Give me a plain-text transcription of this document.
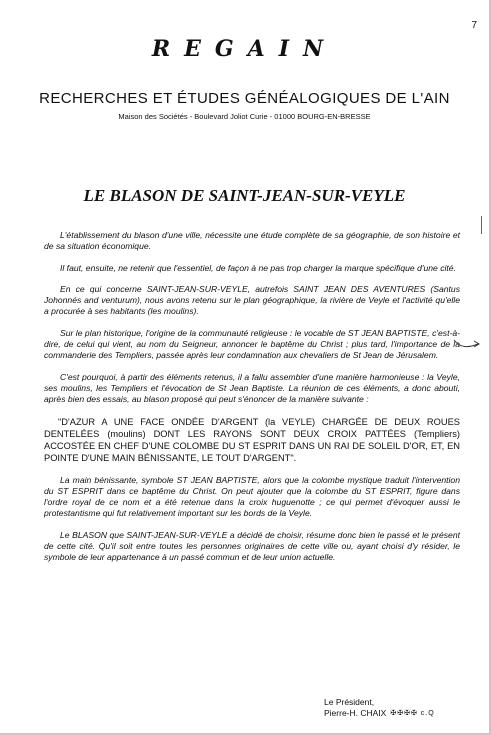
7
REGAIN
RECHERCHES ET ÉTUDES GÉNÉALOGIQUES DE L'AIN
Maison des Sociétés - Boulevard Joliot Curie - 01000 BOURG-EN-BRESSE
LE BLASON DE SAINT-JEAN-SUR-VEYLE

L'établissement du blason d'une ville, nécessite une étude complète de sa géographie, de son histoire et de sa situation économique.

Il faut, ensuite, ne retenir que l'essentiel, de façon à ne pas trop charger la marque spécifique d'une cité.

En ce qui concerne SAINT-JEAN-SUR-VEYLE, autrefois SAINT JEAN DES AVENTURES (Santus Johonnés and venturum), nous avons retenu sur le plan géographique, la rivière de Veyle et l'activité qu'elle a procurée à ses habitants (les moulins).

Sur le plan historique, l'origine de la communauté religieuse : le vocable de ST JEAN BAPTISTE, c'est-à-dire, de celui qui vient, au nom du Seigneur, annoncer le baptême du Christ ; plus tard, l'importance de la commanderie des Templiers, passée après leur condamnation aux chevaliers de St Jean de Jérusalem.

C'est pourquoi, à partir des éléments retenus, il a fallu assembler d'une manière harmonieuse : la Veyle, ses moulins, les Templiers et l'évocation de St Jean Baptiste. La réunion de ces éléments, a donc abouti, après bien des essais, au blason proposé qui peut s'énoncer de la manière suivante :

"D'AZUR A UNE FACE ONDÉE D'ARGENT (la VEYLE) CHARGÉE DE DEUX ROUES DENTELÉES (moulins) DONT LES RAYONS SONT DEUX CROIX PATTÉES (Templiers) ACCOSTÉE EN CHEF D'UNE COLOMBE DU ST ESPRIT DANS UN RAI DE SOLEIL D'OR, ET, EN POINTE D'UNE MAIN BÉNISSANTE, LE TOUT D'ARGENT".

La main bénissante, symbole ST JEAN BAPTISTE, alors que la colombe mystique traduit l'intervention du ST ESPRIT dans ce baptême du Christ. On peut ajouter que la colombe du ST ESPRIT, figure dans l'ordre royal de ce nom et a été retenue dans la croix huguenotte ; ce qui permet d'évoquer aussi le protestantisme qui fut relativement important sur les bords de la Veyle.

Le BLASON que SAINT-JEAN-SUR-VEYLE a décidé de choisir, résume donc bien le passé et le présent de cette cité. Qu'il soit entre toutes les personnes originaires de cette ville ou, ayant choisi d'y résider, le symbole de leur appartenance à un passé commun et de leur union actuelle.

Le Président,
Pierre-H. CHAIX ✠✠✠✠ c.Q
